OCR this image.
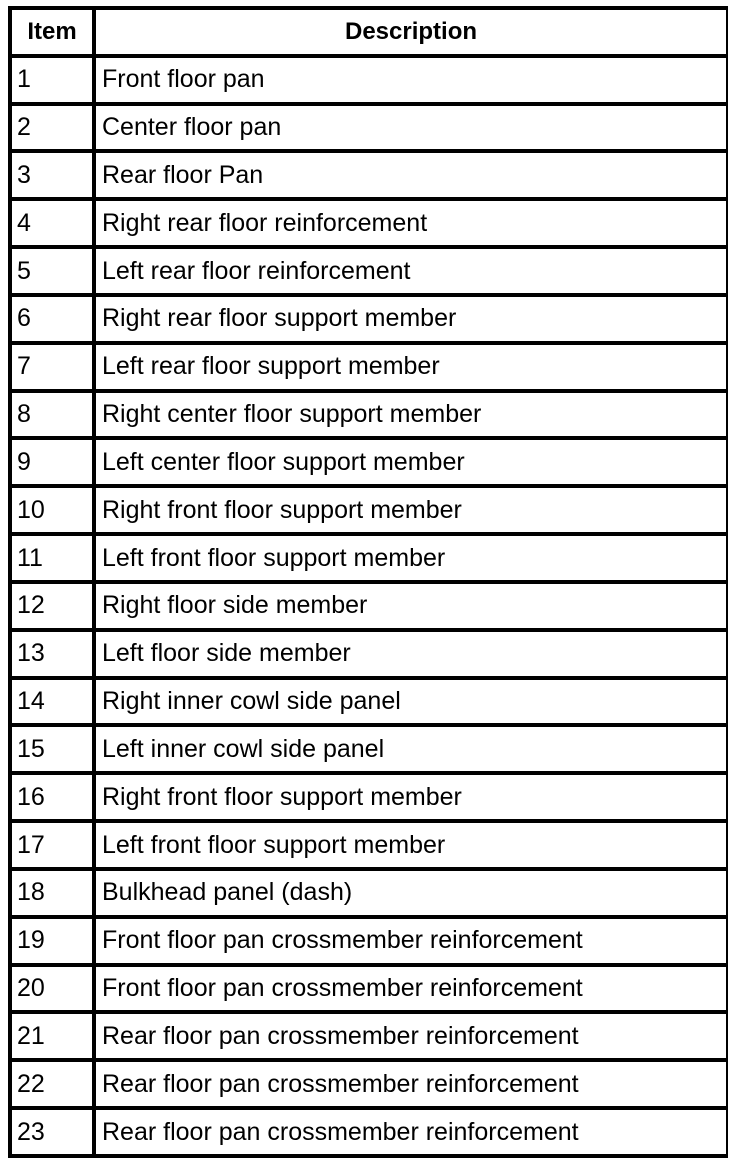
Item	Description
1	Front floor pan
2	Center floor pan
3	Rear floor Pan
4	Right rear floor reinforcement
5	Left rear floor reinforcement
6	Right rear floor support member
7	Left rear floor support member
8	Right center floor support member
9	Left center floor support member
10	Right front floor support member
11	Left front floor support member
12	Right floor side member
13	Left floor side member
14	Right inner cowl side panel
15	Left inner cowl side panel
16	Right front floor support member
17	Left front floor support member
18	Bulkhead panel (dash)
19	Front floor pan crossmember reinforcement
20	Front floor pan crossmember reinforcement
21	Rear floor pan crossmember reinforcement
22	Rear floor pan crossmember reinforcement
23	Rear floor pan crossmember reinforcement
